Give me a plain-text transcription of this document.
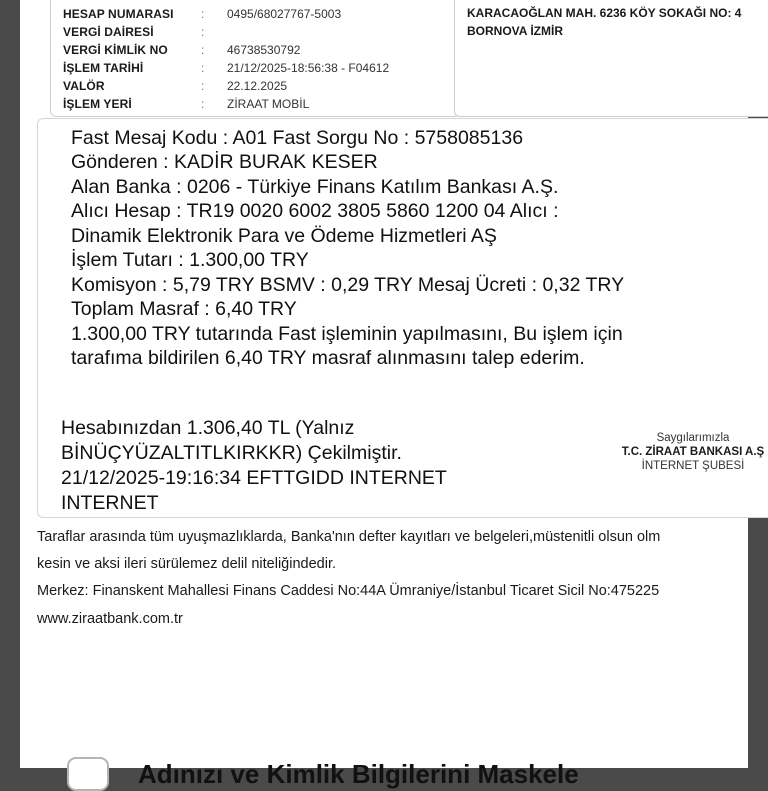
HESAP NUMARASI	:	0495/68027767-5003
VERGİ DAİRESİ	:
VERGİ KİMLİK NO	:	46738530792
İŞLEM TARİHİ	:	21/12/2025-18:56:38 - F04612
VALÖR	:	22.12.2025
İŞLEM YERİ	:	ZİRAAT MOBİL
KARACAOĞLAN MAH. 6236 KÖY SOKAĞI NO: 4
BORNOVA İZMİR
Fast Mesaj Kodu : A01 Fast Sorgu No : 5758085136
Gönderen : KADİR BURAK KESER
Alan Banka : 0206 - Türkiye Finans Katılım Bankası A.Ş.
Alıcı Hesap : TR19 0020 6002 3805 5860 1200 04 Alıcı :
Dinamik Elektronik Para ve Ödeme Hizmetleri AŞ
İşlem Tutarı : 1.300,00 TRY
Komisyon : 5,79 TRY BSMV : 0,29 TRY Mesaj Ücreti : 0,32 TRY
Toplam Masraf : 6,40 TRY
1.300,00 TRY tutarında Fast işleminin yapılmasını, Bu işlem için
tarafıma bildirilen 6,40 TRY masraf alınmasını talep ederim.
Hesabınızdan 1.306,40 TL (Yalnız
BİNÜÇYÜZALTITLKIRKKR) Çekilmiştir.
21/12/2025-19:16:34 EFTTGIDD INTERNET
INTERNET
Saygılarımızla
T.C. ZİRAAT BANKASI A.Ş
İNTERNET ŞUBESİ
Taraflar arasında tüm uyuşmazlıklarda, Banka'nın defter kayıtları ve belgeleri,müstenitli olsun olm
kesin ve aksi ileri sürülemez delil niteliğindedir.
Merkez: Finanskent Mahallesi Finans Caddesi No:44A Ümraniye/İstanbul Ticaret Sicil No:475225
www.ziraatbank.com.tr
Adınızı ve Kimlik Bilgilerini Maskele
